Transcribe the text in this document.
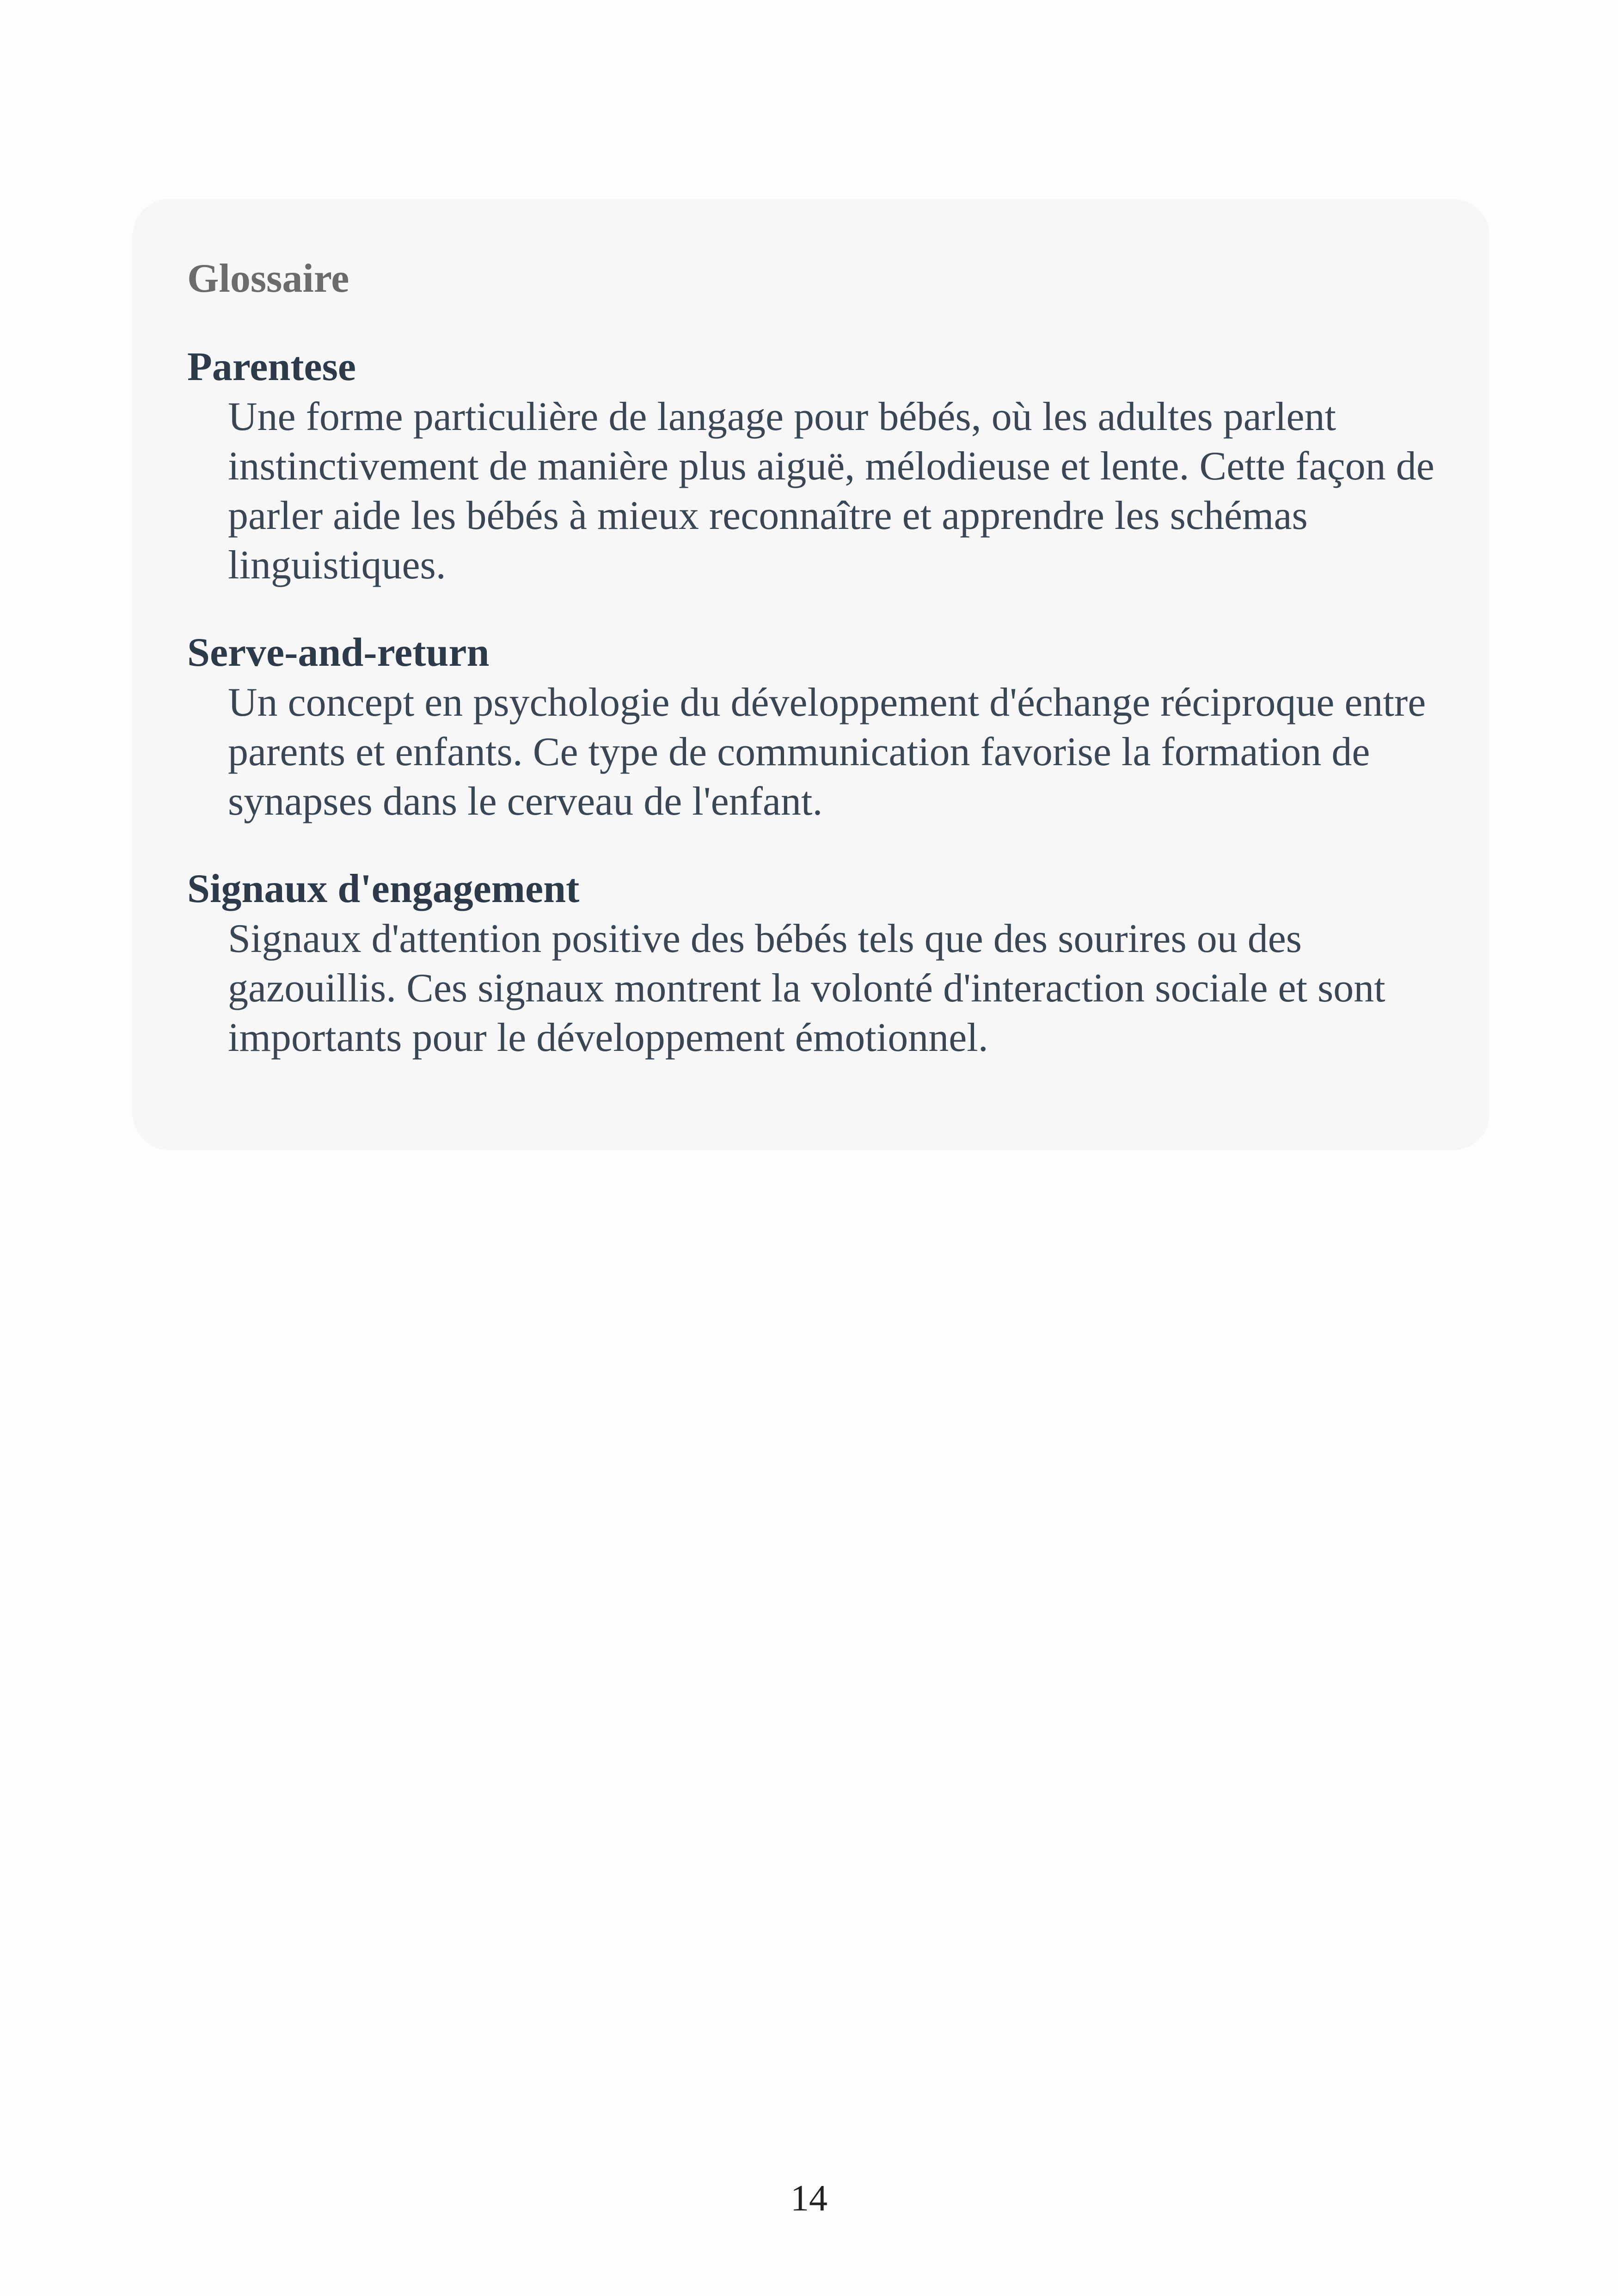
Glossaire

Parentese

Une forme particulière de langage pour bébés, où les adultes parlent instinctivement de manière plus aiguë, mélodieuse et lente. Cette façon de parler aide les bébés à mieux reconnaître et apprendre les schémas linguistiques.

Serve-and-return

Un concept en psychologie du développement d'échange réciproque entre parents et enfants. Ce type de communication favorise la formation de synapses dans le cerveau de l'enfant.

Signaux d'engagement

Signaux d'attention positive des bébés tels que des sourires ou des gazouillis. Ces signaux montrent la volonté d'interaction sociale et sont importants pour le développement émotionnel.

14
